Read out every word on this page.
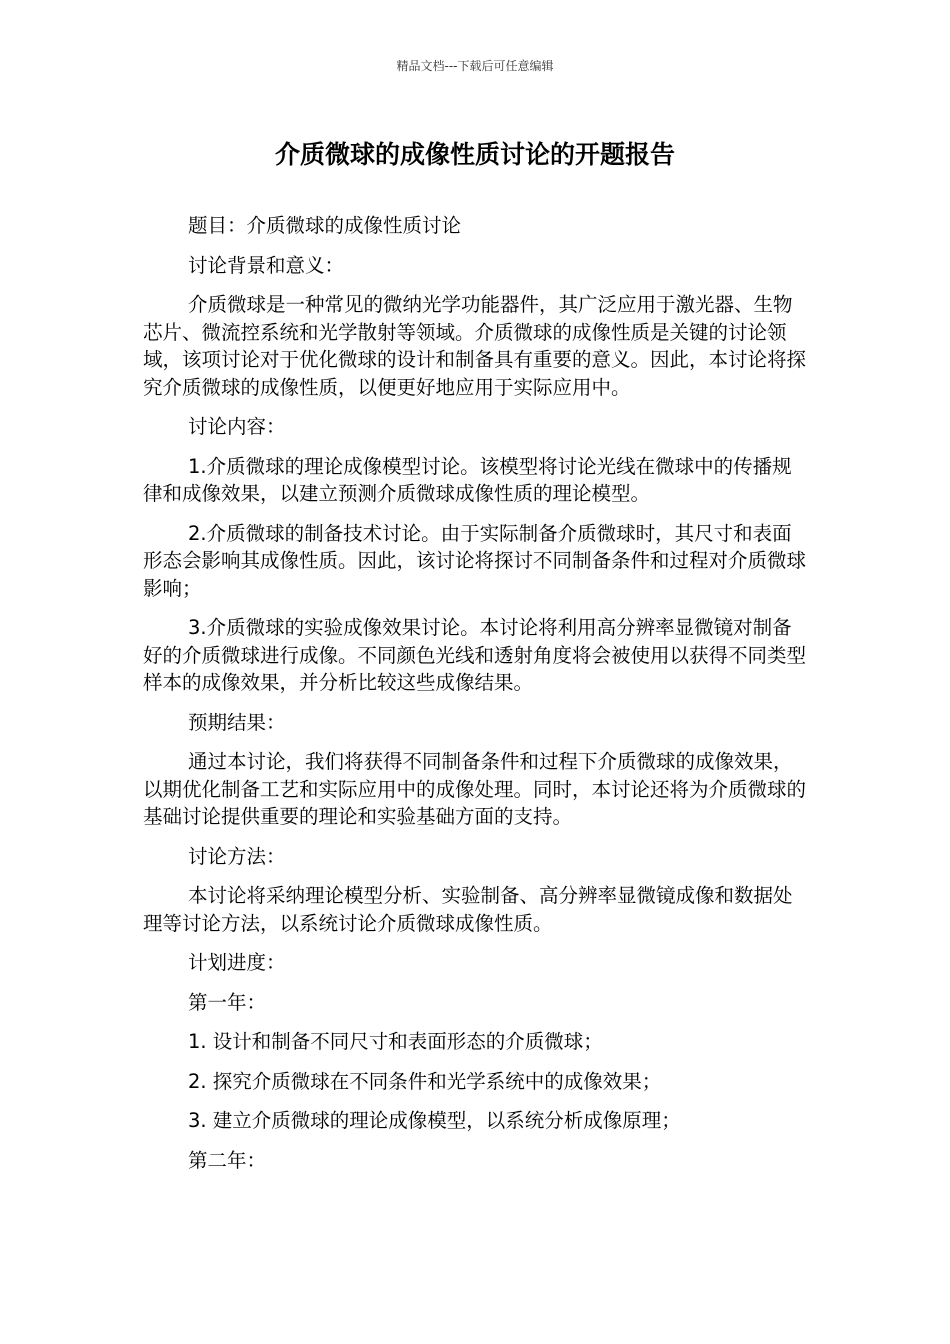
精品文档---下载后可任意编辑
介质微球的成像性质讨论的开题报告

题目：介质微球的成像性质讨论

讨论背景和意义：

介质微球是一种常见的微纳光学功能器件，其广泛应用于激光器、生物芯片、微流控系统和光学散射等领域。介质微球的成像性质是关键的讨论领域，该项讨论对于优化微球的设计和制备具有重要的意义。因此，本讨论将探究介质微球的成像性质，以便更好地应用于实际应用中。

讨论内容：

1.介质微球的理论成像模型讨论。该模型将讨论光线在微球中的传播规律和成像效果，以建立预测介质微球成像性质的理论模型。

2.介质微球的制备技术讨论。由于实际制备介质微球时，其尺寸和表面形态会影响其成像性质。因此，该讨论将探讨不同制备条件和过程对介质微球影响；

3.介质微球的实验成像效果讨论。本讨论将利用高分辨率显微镜对制备好的介质微球进行成像。不同颜色光线和透射角度将会被使用以获得不同类型样本的成像效果，并分析比较这些成像结果。

预期结果：

通过本讨论，我们将获得不同制备条件和过程下介质微球的成像效果，以期优化制备工艺和实际应用中的成像处理。同时，本讨论还将为介质微球的基础讨论提供重要的理论和实验基础方面的支持。

讨论方法：

本讨论将采纳理论模型分析、实验制备、高分辨率显微镜成像和数据处理等讨论方法，以系统讨论介质微球成像性质。

计划进度：

第一年：

1. 设计和制备不同尺寸和表面形态的介质微球；

2. 探究介质微球在不同条件和光学系统中的成像效果；

3. 建立介质微球的理论成像模型，以系统分析成像原理；

第二年：
